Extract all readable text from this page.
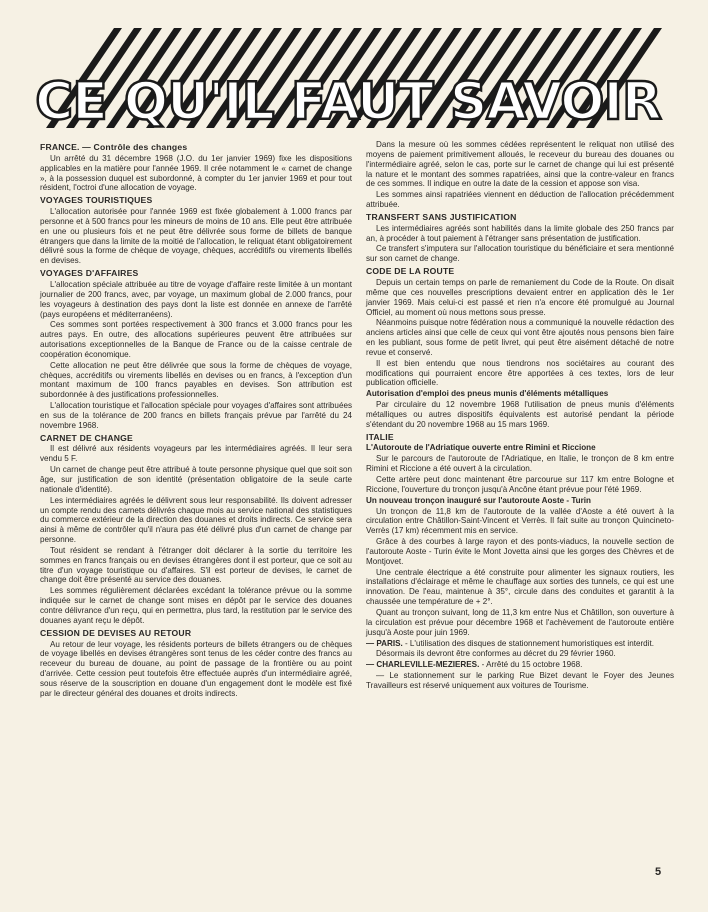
CE QU'IL FAUT SAVOIR

FRANCE. — Contrôle des changes

Un arrêté du 31 décembre 1968 (J.O. du 1er janvier 1969) fixe les dispositions applicables en la matière pour l'année 1969. Il crée notamment le « carnet de change », à la possession duquel est subordonné, à compter du 1er janvier 1969 et pour tout résident, l'octroi d'une allocation de voyage.

VOYAGES TOURISTIQUES

L'allocation autorisée pour l'année 1969 est fixée globalement à 1.000 francs par personne et à 500 francs pour les mineurs de moins de 10 ans. Elle peut être attribuée en une ou plusieurs fois et ne peut être délivrée sous forme de billets de banque étrangers que dans la limite de la moitié de l'allocation, le reliquat étant obligatoirement délivré sous la forme de chèque de voyage, chèques, accréditifs ou virements libellés en devises.

VOYAGES D'AFFAIRES

L'allocation spéciale attribuée au titre de voyage d'affaire reste limitée à un montant journalier de 200 francs, avec, par voyage, un maximum global de 2.000 francs, pour les voyageurs à destination des pays dont la liste est donnée en annexe de l'arrêté (pays européens et méditerranéens).

Ces sommes sont portées respectivement à 300 francs et 3.000 francs pour les autres pays. En outre, des allocations supérieures peuvent être attribuées sur autorisations exceptionnelles de la Banque de France ou de la caisse centrale de coopération économique.

Cette allocation ne peut être délivrée que sous la forme de chèques de voyage, chèques, accréditifs ou virements libellés en devises ou en francs, à l'exception d'un montant maximum de 100 francs payables en devises. Son attribution est subordonnée à des justifications professionnelles.

L'allocation touristique et l'allocation spéciale pour voyages d'affaires sont attribuées en sus de la tolérance de 200 francs en billets français prévue par l'arrêté du 24 novembre 1968.

CARNET DE CHANGE

Il est délivré aux résidents voyageurs par les intermédiaires agréés. Il leur sera vendu 5 F.

Un carnet de change peut être attribué à toute personne physique quel que soit son âge, sur justification de son identité (présentation obligatoire de la seule carte nationale d'identité).

Les intermédiaires agréés le délivrent sous leur responsabilité. Ils doivent adresser un compte rendu des carnets délivrés chaque mois au service national des statistiques du commerce extérieur de la direction des douanes et droits indirects. Ce service sera ainsi à même de contrôler qu'il n'aura pas été délivré plus d'un carnet de change par personne.

Tout résident se rendant à l'étranger doit déclarer à la sortie du territoire les sommes en francs français ou en devises étrangères dont il est porteur, que ce soit au titre d'un voyage touristique ou d'affaires. S'il est porteur de devises, le carnet de change doit être présenté au service des douanes.

Les sommes régulièrement déclarées excédant la tolérance prévue ou la somme indiquée sur le carnet de change sont mises en dépôt par le service des douanes contre délivrance d'un reçu, qui en permettra, plus tard, la restitution par le service des douanes ayant reçu le dépôt.

CESSION DE DEVISES AU RETOUR

Au retour de leur voyage, les résidents porteurs de billets étrangers ou de chèques de voyage libellés en devises étrangères sont tenus de les céder contre des francs au receveur du bureau de douane, au point de passage de la frontière ou au point d'arrivée. Cette cession peut toutefois être effectuée auprès d'un intermédiaire agréé, sous réserve de la souscription en douane d'un engagement dont le modèle est fixé par le directeur général des douanes et droits indirects.

Dans la mesure où les sommes cédées représentent le reliquat non utilisé des moyens de paiement primitivement alloués, le receveur du bureau des douanes ou l'intermédiaire agréé, selon le cas, porte sur le carnet de change qui lui est présenté la nature et le montant des sommes rapatriées, ainsi que la contre-valeur en francs de ces sommes. Il indique en outre la date de la cession et appose son visa.

Les sommes ainsi rapatriées viennent en déduction de l'allocation précédemment attribuée.

TRANSFERT SANS JUSTIFICATION

Les intermédiaires agréés sont habilités dans la limite globale des 250 francs par an, à procéder à tout paiement à l'étranger sans présentation de justification.

Ce transfert s'imputera sur l'allocation touristique du bénéficiaire et sera mentionné sur son carnet de change.

CODE DE LA ROUTE

Depuis un certain temps on parle de remaniement du Code de la Route. On disait même que ces nouvelles prescriptions devaient entrer en application dès le 1er janvier 1969. Mais celui-ci est passé et rien n'a encore été promulgué au Journal Officiel, au moment où nous mettons sous presse.

Néanmoins puisque notre fédération nous a communiqué la nouvelle rédaction des anciens articles ainsi que celle de ceux qui vont être ajoutés nous pensons bien faire en les publiant, sous forme de petit livret, qui peut être aisément détaché de notre revue et conservé.

Il est bien entendu que nous tiendrons nos sociétaires au courant des modifications qui pourraient encore être apportées à ces textes, lors de leur publication officielle.

Autorisation d'emploi des pneus munis d'éléments métalliques

Par circulaire du 12 novembre 1968 l'utilisation de pneus munis d'éléments métalliques ou autres dispositifs équivalents est autorisé pendant la période s'étendant du 20 novembre 1968 au 15 mars 1969.

ITALIE

L'Autoroute de l'Adriatique ouverte entre Rimini et Riccione

Sur le parcours de l'autoroute de l'Adriatique, en Italie, le tronçon de 8 km entre Rimini et Riccione a été ouvert à la circulation.

Cette artère peut donc maintenant être parcourue sur 117 km entre Bologne et Riccione, l'ouverture du tronçon jusqu'à Ancône étant prévue pour l'été 1969.

Un nouveau tronçon inauguré sur l'autoroute Aoste - Turin

Un tronçon de 11,8 km de l'autoroute de la vallée d'Aoste a été ouvert à la circulation entre Châtillon-Saint-Vincent et Verrès. Il fait suite au tronçon Quincineto-Verrès (17 km) récemment mis en service.

Grâce à des courbes à large rayon et des ponts-viaducs, la nouvelle section de l'autoroute Aoste - Turin évite le Mont Jovetta ainsi que les gorges des Chèvres et de Montjovet.

Une centrale électrique a été construite pour alimenter les signaux routiers, les installations d'éclairage et même le chauffage aux sorties des tunnels, ce qui est une innovation. De l'eau, maintenue à 35°, circule dans des conduites et garantit à la chaussée une température de + 2°.

Quant au tronçon suivant, long de 11,3 km entre Nus et Châtillon, son ouverture à la circulation est prévue pour décembre 1968 et l'achèvement de l'autoroute entière jusqu'à Aoste pour juin 1969.

— PARIS. - L'utilisation des disques de stationnement humoristiques est interdit.

Désormais ils devront être conformes au décret du 29 février 1960.

— CHARLEVILLE-MEZIERES. - Arrêté du 15 octobre 1968.

— Le stationnement sur le parking Rue Bizet devant le Foyer des Jeunes Travailleurs est réservé uniquement aux voitures de Tourisme.

5
